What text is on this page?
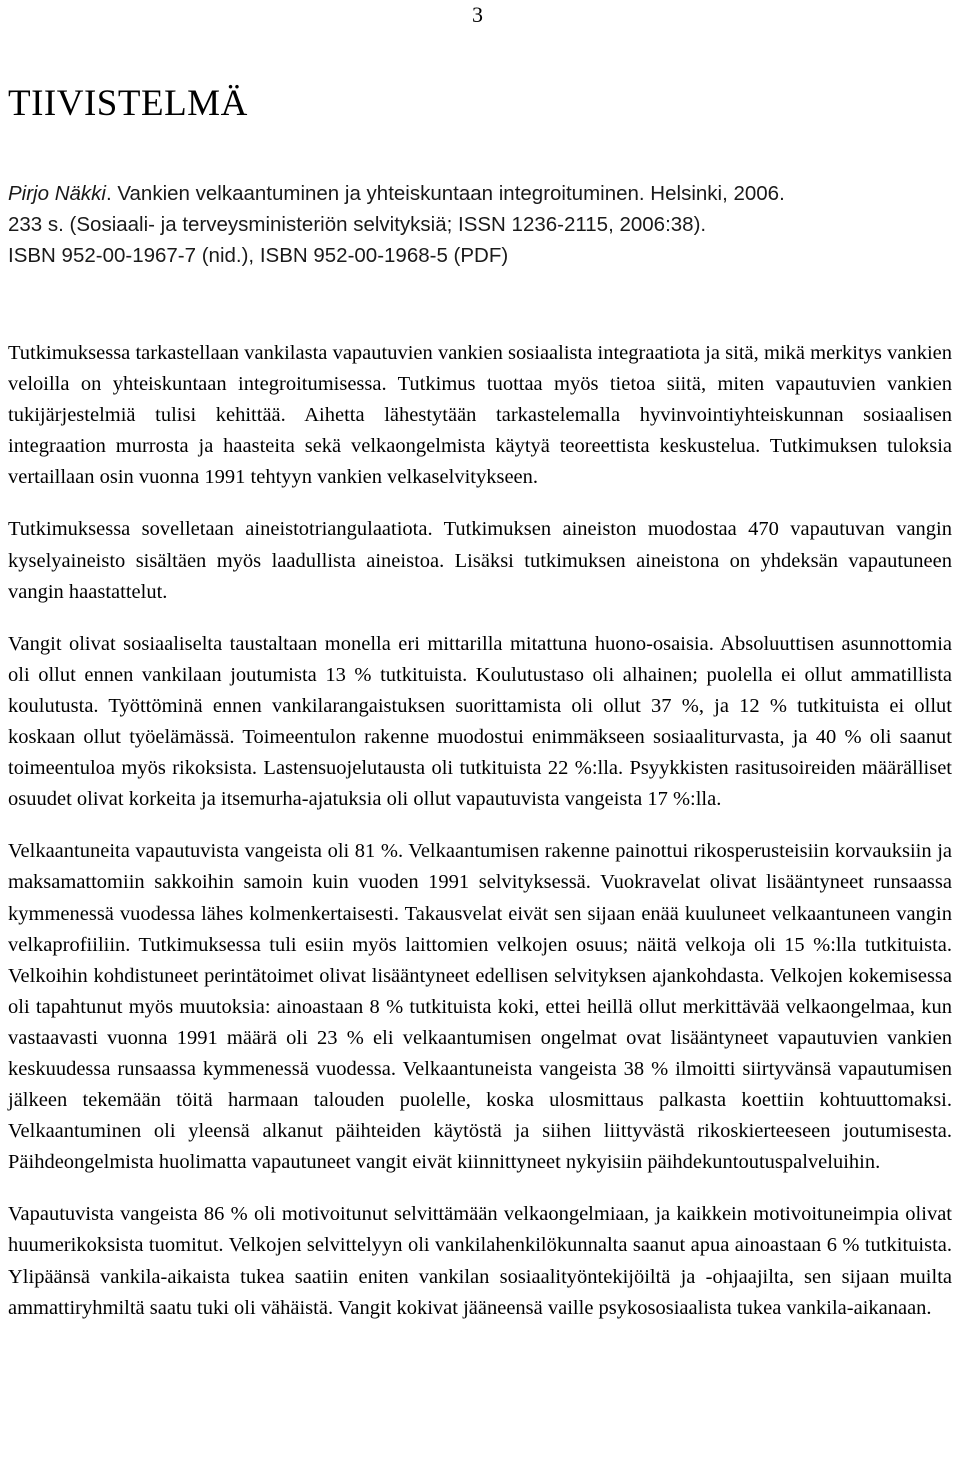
3
TIIVISTELMÄ
Pirjo Näkki. Vankien velkaantuminen ja yhteiskuntaan integroituminen. Helsinki, 2006.
233 s. (Sosiaali- ja terveysministeriön selvityksiä; ISSN 1236-2115, 2006:38).
ISBN 952-00-1967-7 (nid.), ISBN 952-00-1968-5 (PDF)

Tutkimuksessa tarkastellaan vankilasta vapautuvien vankien sosiaalista integraatiota ja sitä, mikä merkitys vankien veloilla on yhteiskuntaan integroitumisessa. Tutkimus tuottaa myös tietoa siitä, miten vapautuvien vankien tukijärjestelmiä tulisi kehittää. Aihetta lähestytään tarkastelemalla hyvinvointiyhteiskunnan sosiaalisen integraation murrosta ja haasteita sekä velkaongelmista käytyä teoreettista keskustelua. Tutkimuksen tuloksia vertaillaan osin vuonna 1991 tehtyyn vankien velkaselvitykseen.

Tutkimuksessa sovelletaan aineistotriangulaatiota. Tutkimuksen aineiston muodostaa 470 vapautuvan vangin kyselyaineisto sisältäen myös laadullista aineistoa. Lisäksi tutkimuksen aineistona on yhdeksän vapautuneen vangin haastattelut.

Vangit olivat sosiaaliselta taustaltaan monella eri mittarilla mitattuna huono-osaisia. Absoluuttisen asunnottomia oli ollut ennen vankilaan joutumista 13 % tutkituista. Koulutustaso oli alhainen; puolella ei ollut ammatillista koulutusta. Työttöminä ennen vankilarangaistuksen suorittamista oli ollut 37 %, ja 12 % tutkituista ei ollut koskaan ollut työelämässä. Toimeentulon rakenne muodostui enimmäkseen sosiaaliturvasta, ja 40 % oli saanut toimeentuloa myös rikoksista. Lastensuojelutausta oli tutkituista 22 %:lla. Psyykkisten rasitusoireiden määrälliset osuudet olivat korkeita ja itsemurha-ajatuksia oli ollut vapautuvista vangeista 17 %:lla.

Velkaantuneita vapautuvista vangeista oli 81 %. Velkaantumisen rakenne painottui rikosperusteisiin korvauksiin ja maksamattomiin sakkoihin samoin kuin vuoden 1991 selvityksessä. Vuokravelat olivat lisääntyneet runsaassa kymmenessä vuodessa lähes kolmenkertaisesti. Takausvelat eivät sen sijaan enää kuuluneet velkaantuneen vangin velkaprofiiliin. Tutkimuksessa tuli esiin myös laittomien velkojen osuus; näitä velkoja oli 15 %:lla tutkituista. Velkoihin kohdistuneet perintätoimet olivat lisääntyneet edellisen selvityksen ajankohdasta. Velkojen kokemisessa oli tapahtunut myös muutoksia: ainoastaan 8 % tutkituista koki, ettei heillä ollut merkittävää velkaongelmaa, kun vastaavasti vuonna 1991 määrä oli 23 % eli velkaantumisen ongelmat ovat lisääntyneet vapautuvien vankien keskuudessa runsaassa kymmenessä vuodessa. Velkaantuneista vangeista 38 % ilmoitti siirtyvänsä vapautumisen jälkeen tekemään töitä harmaan talouden puolelle, koska ulosmittaus palkasta koettiin kohtuuttomaksi. Velkaantuminen oli yleensä alkanut päihteiden käytöstä ja siihen liittyvästä rikoskierteeseen joutumisesta. Päihdeongelmista huolimatta vapautuneet vangit eivät kiinnittyneet nykyisiin päihdekuntoutuspalveluihin.

Vapautuvista vangeista 86 % oli motivoitunut selvittämään velkaongelmiaan, ja kaikkein motivoituneimpia olivat huumerikoksista tuomitut. Velkojen selvittelyyn oli vankilahenkilökunnalta saanut apua ainoastaan 6 % tutkituista. Ylipäänsä vankila-aikaista tukea saatiin eniten vankilan sosiaalityöntekijöiltä ja -ohjaajilta, sen sijaan muilta ammattiryhmiltä saatu tuki oli vähäistä. Vangit kokivat jääneensä vaille psykososiaalista tukea vankila-aikanaan.
